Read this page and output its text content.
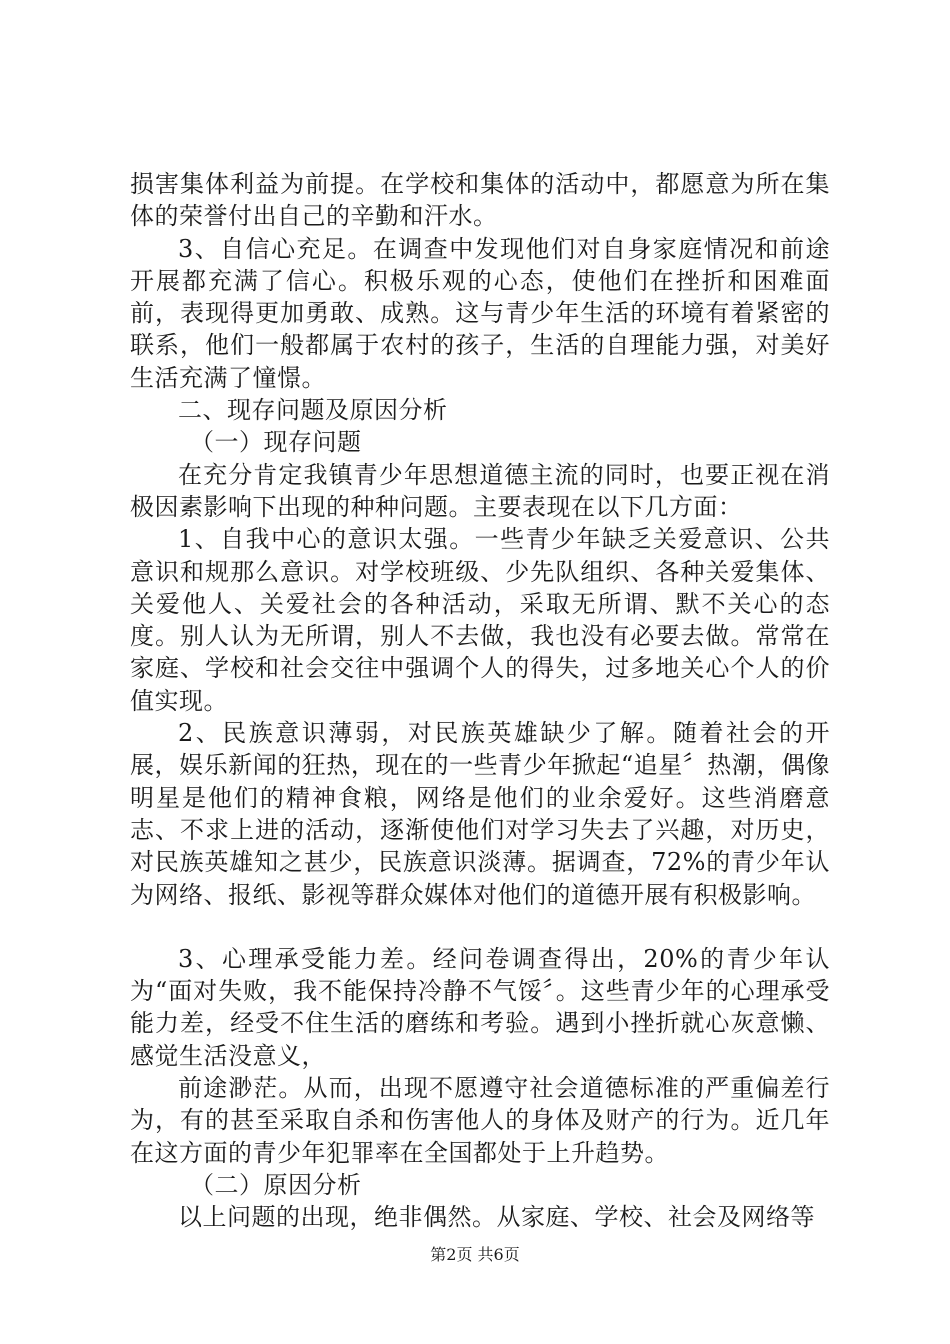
损害集体利益为前提。在学校和集体的活动中，都愿意为所在集体的荣誉付出自己的辛勤和汗水。

3、自信心充足。在调查中发现他们对自身家庭情况和前途开展都充满了信心。积极乐观的心态，使他们在挫折和困难面前，表现得更加勇敢、成熟。这与青少年生活的环境有着紧密的联系，他们一般都属于农村的孩子，生活的自理能力强，对美好生活充满了憧憬。

二、现存问题及原因分析

（一）现存问题

在充分肯定我镇青少年思想道德主流的同时，也要正视在消极因素影响下出现的种种问题。主要表现在以下几方面：

1、自我中心的意识太强。一些青少年缺乏关爱意识、公共意识和规那么意识。对学校班级、少先队组织、各种关爱集体、关爱他人、关爱社会的各种活动，采取无所谓、默不关心的态度。别人认为无所谓，别人不去做，我也没有必要去做。常常在家庭、学校和社会交往中强调个人的得失，过多地关心个人的价值实现。

2、民族意识薄弱，对民族英雄缺少了解。随着社会的开展，娱乐新闻的狂热，现在的一些青少年掀起“追星〞热潮，偶像明星是他们的精神食粮，网络是他们的业余爱好。这些消磨意志、不求上进的活动，逐渐使他们对学习失去了兴趣，对历史，对民族英雄知之甚少，民族意识淡薄。据调查，72%的青少年认为网络、报纸、影视等群众媒体对他们的道德开展有积极影响。

3、心理承受能力差。经问卷调查得出，20%的青少年认为“面对失败，我不能保持冷静不气馁〞。这些青少年的心理承受能力差，经受不住生活的磨练和考验。遇到小挫折就心灰意懒、感觉生活没意义，

前途渺茫。从而，出现不愿遵守社会道德标准的严重偏差行为，有的甚至采取自杀和伤害他人的身体及财产的行为。近几年在这方面的青少年犯罪率在全国都处于上升趋势。

（二）原因分析

以上问题的出现，绝非偶然。从家庭、学校、社会及网络等

第2页 共6页
